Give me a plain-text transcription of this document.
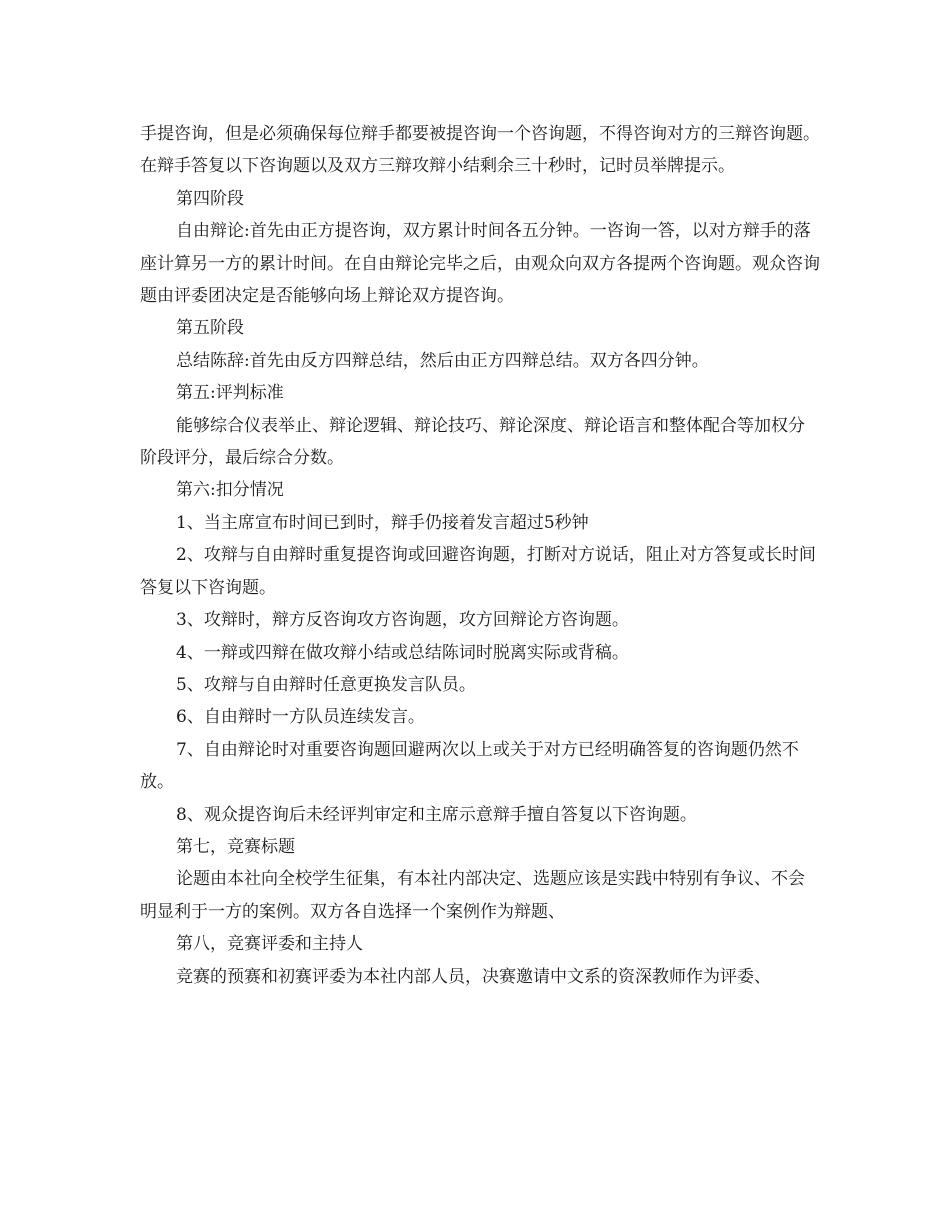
手提咨询，但是必须确保每位辩手都要被提咨询一个咨询题，不得咨询对方的三辩咨询题。在辩手答复以下咨询题以及双方三辩攻辩小结剩余三十秒时，记时员举牌提示。

第四阶段

自由辩论:首先由正方提咨询，双方累计时间各五分钟。一咨询一答，以对方辩手的落座计算另一方的累计时间。在自由辩论完毕之后，由观众向双方各提两个咨询题。观众咨询题由评委团决定是否能够向场上辩论双方提咨询。

第五阶段

总结陈辞:首先由反方四辩总结，然后由正方四辩总结。双方各四分钟。

第五:评判标准

能够综合仪表举止、辩论逻辑、辩论技巧、辩论深度、辩论语言和整体配合等加权分阶段评分，最后综合分数。

第六:扣分情况

1、当主席宣布时间已到时，辩手仍接着发言超过5秒钟

2、攻辩与自由辩时重复提咨询或回避咨询题，打断对方说话，阻止对方答复或长时间答复以下咨询题。

3、攻辩时，辩方反咨询攻方咨询题，攻方回辩论方咨询题。

4、一辩或四辩在做攻辩小结或总结陈词时脱离实际或背稿。

5、攻辩与自由辩时任意更换发言队员。

6、自由辩时一方队员连续发言。

7、自由辩论时对重要咨询题回避两次以上或关于对方已经明确答复的咨询题仍然不放。

8、观众提咨询后未经评判审定和主席示意辩手擅自答复以下咨询题。

第七，竞赛标题

论题由本社向全校学生征集，有本社内部决定、选题应该是实践中特别有争议、不会明显利于一方的案例。双方各自选择一个案例作为辩题、

第八，竞赛评委和主持人

竞赛的预赛和初赛评委为本社内部人员，决赛邀请中文系的资深教师作为评委、
